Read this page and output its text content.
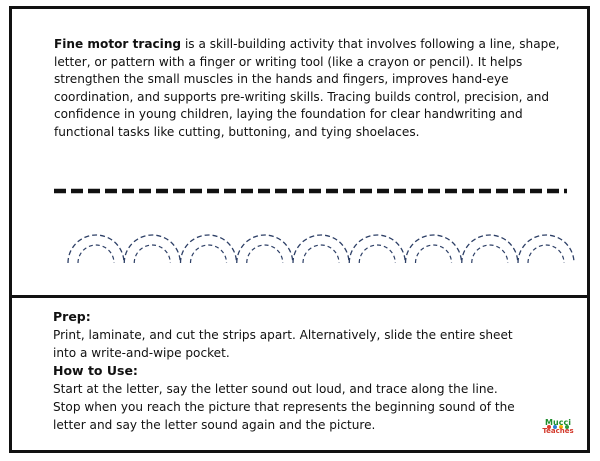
Fine motor tracing is a skill-building activity that involves following a line, shape, letter, or pattern with a finger or writing tool (like a crayon or pencil). It helps strengthen the small muscles in the hands and fingers, improves hand-eye coordination, and supports pre-writing skills. Tracing builds control, precision, and confidence in young children, laying the foundation for clear handwriting and functional tasks like cutting, buttoning, and tying shoelaces.

Prep:
Print, laminate, and cut the strips apart. Alternatively, slide the entire sheet
into a write-and-wipe pocket.
How to Use:
Start at the letter, say the letter sound out loud, and trace along the line.
Stop when you reach the picture that represents the beginning sound of the
letter and say the letter sound again and the picture.	Mucci
Teaches
